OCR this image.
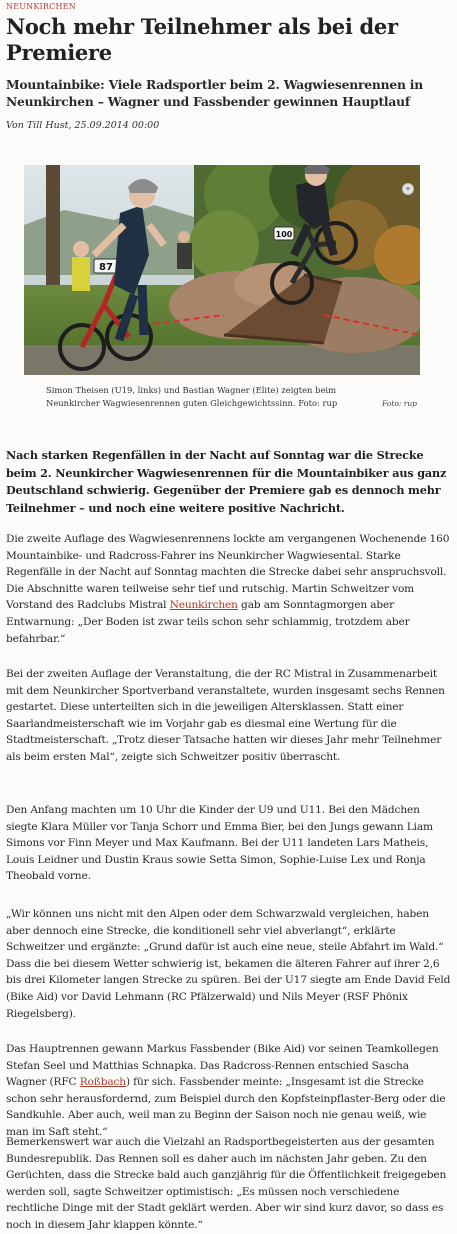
NEUNKIRCHEN
Noch mehr Teilnehmer als bei der Premiere
Mountainbike: Viele Radsportler beim 2. Wagwiesenrennen in Neunkirchen – Wagner und Fassbender gewinnen Hauptlauf
Von Till Hust, 25.09.2014 00:00
87
100
+
Simon Theisen (U19, links) und Bastian Wagner (Elite) zeigten beim Neunkircher Wagwiesenrennen guten Gleichgewichtssinn. Foto: rup	Foto: rup

Nach starken Regenfällen in der Nacht auf Sonntag war die Strecke beim 2. Neunkircher Wagwiesenrennen für die Mountainbiker aus ganz Deutschland schwierig. Gegenüber der Premiere gab es dennoch mehr Teilnehmer – und noch eine weitere positive Nachricht.

Die zweite Auflage des Wagwiesenrennens lockte am vergangenen Wochenende 160 Mountainbike- und Radcross-Fahrer ins Neunkircher Wagwiesental. Starke Regenfälle in der Nacht auf Sonntag machten die Strecke dabei sehr anspruchsvoll. Die Abschnitte waren teilweise sehr tief und rutschig. Martin Schweitzer vom Vorstand des Radclubs Mistral Neunkirchen gab am Sonntagmorgen aber Entwarnung: „Der Boden ist zwar teils schon sehr schlammig, trotzdem aber befahrbar.“

Bei der zweiten Auflage der Veranstaltung, die der RC Mistral in Zusammenarbeit mit dem Neunkircher Sportverband veranstaltete, wurden insgesamt sechs Rennen gestartet. Diese unterteilten sich in die jeweiligen Altersklassen. Statt einer Saarlandmeisterschaft wie im Vorjahr gab es diesmal eine Wertung für die Stadtmeisterschaft. „Trotz dieser Tatsache hatten wir dieses Jahr mehr Teilnehmer als beim ersten Mal“, zeigte sich Schweitzer positiv überrascht.

Den Anfang machten um 10 Uhr die Kinder der U9 und U11. Bei den Mädchen siegte Klara Müller vor Tanja Schorr und Emma Bier, bei den Jungs gewann Liam Simons vor Finn Meyer und Max Kaufmann. Bei der U11 landeten Lars Matheis, Louis Leidner und Dustin Kraus sowie Setta Simon, Sophie-Luise Lex und Ronja Theobald vorne.

„Wir können uns nicht mit den Alpen oder dem Schwarzwald vergleichen, haben aber dennoch eine Strecke, die konditionell sehr viel abverlangt“, erklärte Schweitzer und ergänzte: „Grund dafür ist auch eine neue, steile Abfahrt im Wald.“ Dass die bei diesem Wetter schwierig ist, bekamen die älteren Fahrer auf ihrer 2,6 bis drei Kilometer langen Strecke zu spüren. Bei der U17 siegte am Ende David Feld (Bike Aid) vor David Lehmann (RC Pfälzerwald) und Nils Meyer (RSF Phönix Riegelsberg).

Das Hauptrennen gewann Markus Fassbender (Bike Aid) vor seinen Teamkollegen Stefan Seel und Matthias Schnapka. Das Radcross-Rennen entschied Sascha Wagner (RFC Roßbach) für sich. Fassbender meinte: „Insgesamt ist die Strecke schon sehr herausfordernd, zum Beispiel durch den Kopfsteinpflaster-Berg oder die Sandkuhle. Aber auch, weil man zu Beginn der Saison noch nie genau weiß, wie man im Saft steht.“

Bemerkenswert war auch die Vielzahl an Radsportbegeisterten aus der gesamten Bundesrepublik. Das Rennen soll es daher auch im nächsten Jahr geben. Zu den Gerüchten, dass die Strecke bald auch ganzjährig für die Öffentlichkeit freigegeben werden soll, sagte Schweitzer optimistisch: „Es müssen noch verschiedene rechtliche Dinge mit der Stadt geklärt werden. Aber wir sind kurz davor, so dass es noch in diesem Jahr klappen könnte.“
